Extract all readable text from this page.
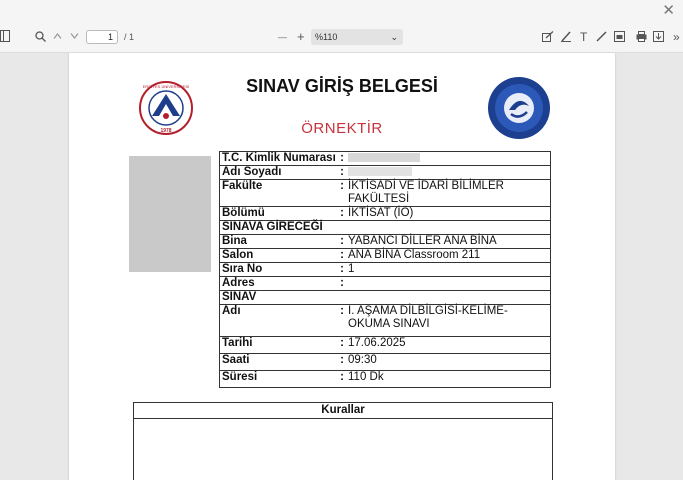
✕
1	/ 1	— +	%110	⌄	T	»
ERCİYES ÜNİVERSİTESİ
1978
SINAV GİRİŞ BELGESİ
ÖRNEKTİR
T.C. Kimlik Numarası	:	
Adı Soyadı	:	
Fakülte	:	İKTİSADİ VE İDARİ BİLİMLER FAKÜLTESİ
Bölümü	:	İKTİSAT (İÖ)
SINAVA GİRECEĞİ		
Bina	:	YABANCI DİLLER ANA BİNA
Salon	:	ANA BİNA Classroom 211
Sıra No	:	1
Adres	:	
SINAV		
Adı	:	I. AŞAMA DİLBİLGİSİ-KELİME-OKUMA SINAVI
Tarihi	:	17.06.2025
Saati	:	09:30
Süresi	:	110 Dk
Kurallar
